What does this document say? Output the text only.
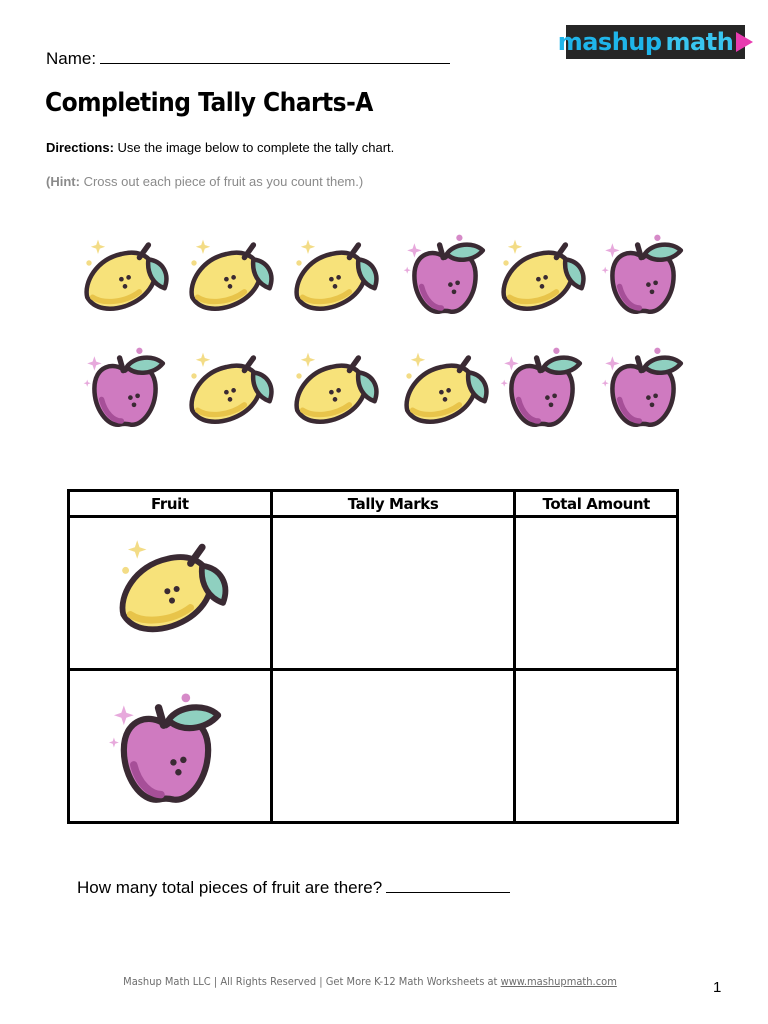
Name:
mashup math
Completing Tally Charts-A
Directions: Use the image below to complete the tally chart.
(Hint: Cross out each piece of fruit as you count them.)
Fruit	Tally Marks	Total Amount

How many total pieces of fruit are there?
Mashup Math LLC | All Rights Reserved | Get More K-12 Math Worksheets at www.mashupmath.com	1
